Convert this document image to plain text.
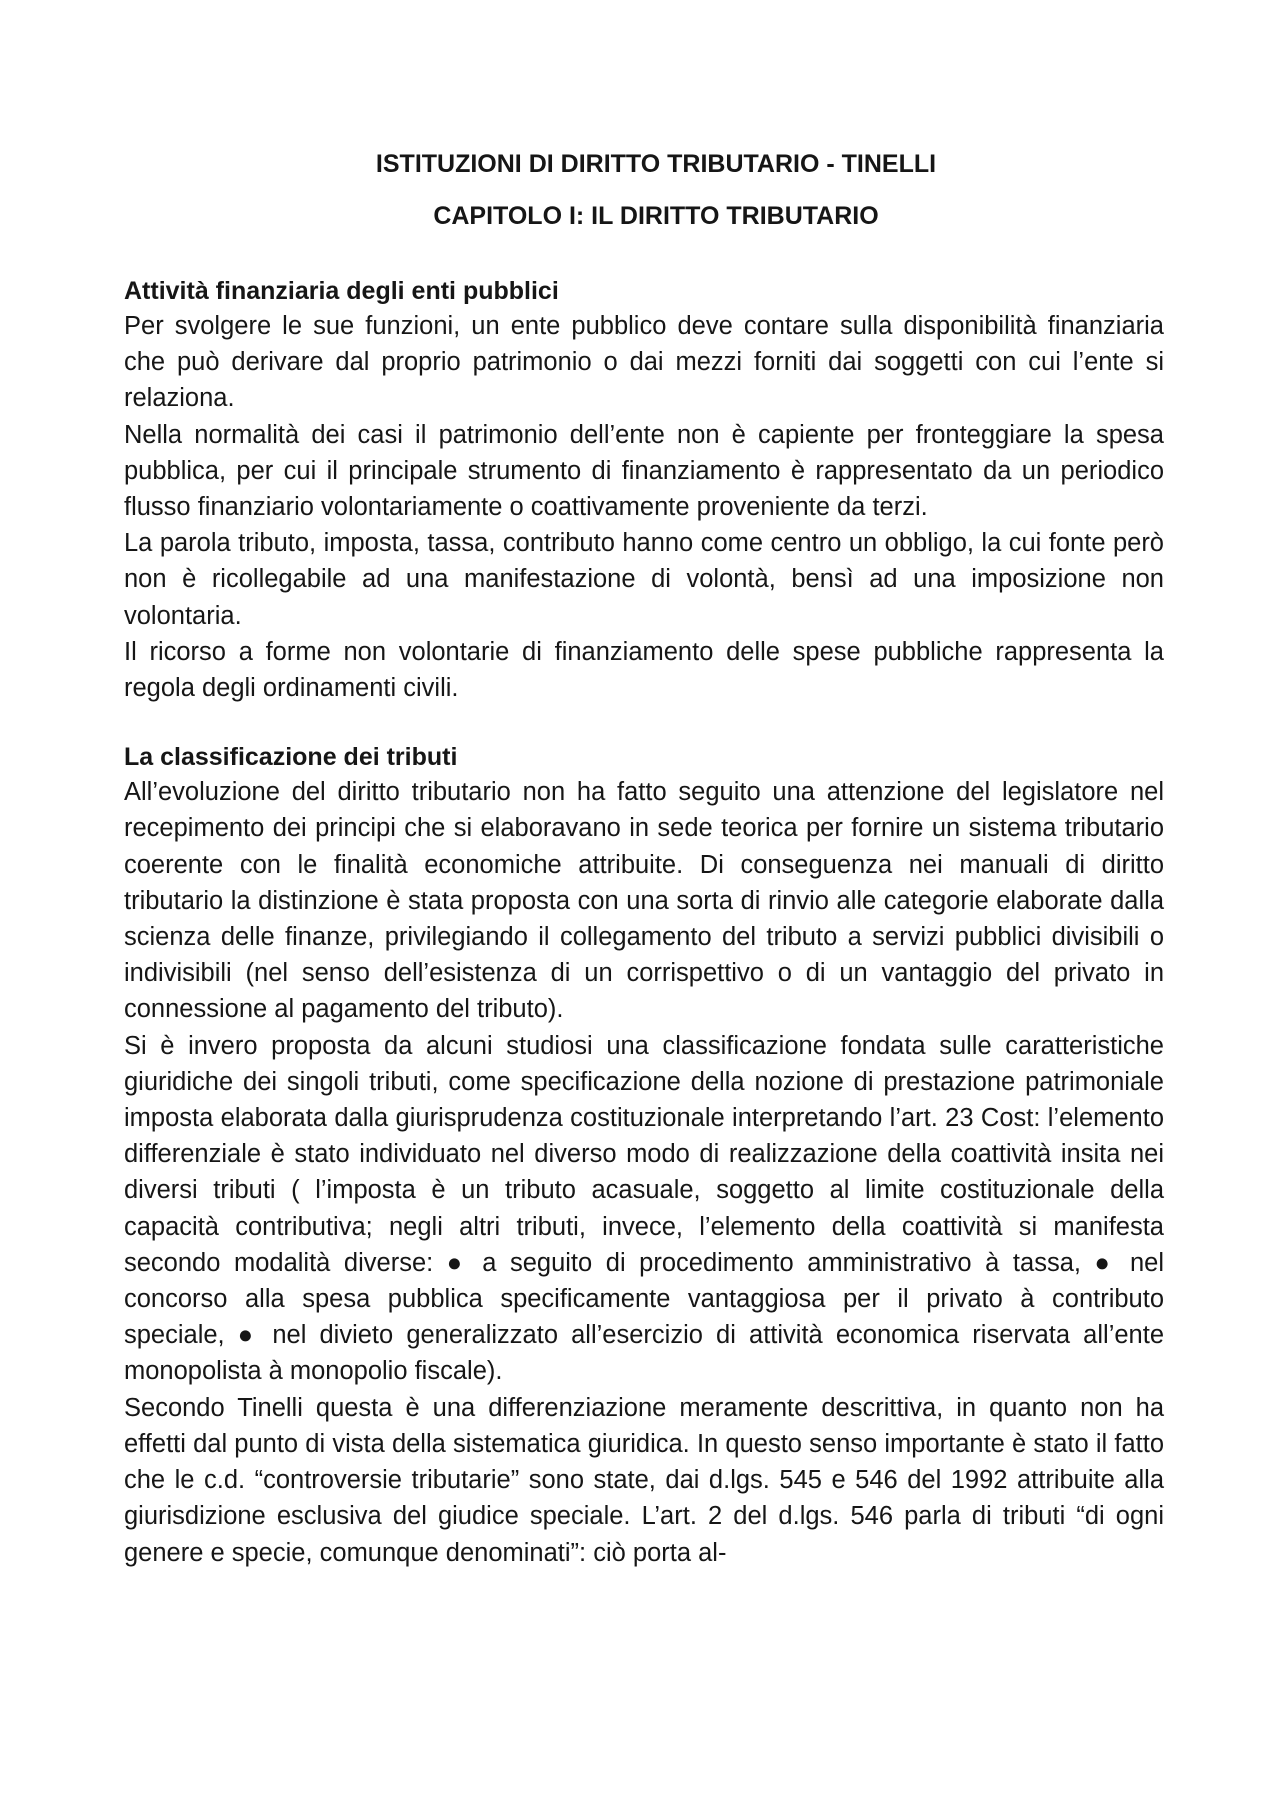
ISTITUZIONI DI DIRITTO TRIBUTARIO - TINELLI
CAPITOLO I: IL DIRITTO TRIBUTARIO
Attività finanziaria degli enti pubblici

Per svolgere le sue funzioni, un ente pubblico deve contare sulla disponibilità finanziaria che può derivare dal proprio patrimonio o dai mezzi forniti dai soggetti con cui l’ente si relaziona.

Nella normalità dei casi il patrimonio dell’ente non è capiente per fronteggiare la spesa pubblica, per cui il principale strumento di finanziamento è rappresentato da un periodico flusso finanziario volontariamente o coattivamente proveniente da terzi.

La parola tributo, imposta, tassa, contributo hanno come centro un obbligo, la cui fonte però non è ricollegabile ad una manifestazione di volontà, bensì ad una imposizione non volontaria.

Il ricorso a forme non volontarie di finanziamento delle spese pubbliche rappresenta la regola degli ordinamenti civili.

La classificazione dei tributi

All’evoluzione del diritto tributario non ha fatto seguito una attenzione del legislatore nel recepimento dei principi che si elaboravano in sede teorica per fornire un sistema tributario coerente con le finalità economiche attribuite. Di conseguenza nei manuali di diritto tributario la distinzione è stata proposta con una sorta di rinvio alle categorie elaborate dalla scienza delle finanze, privilegiando il collegamento del tributo a servizi pubblici divisibili o indivisibili (nel senso dell’esistenza di un corrispettivo o di un vantaggio del privato in connessione al pagamento del tributo).

Si è invero proposta da alcuni studiosi una classificazione fondata sulle caratteristiche giuridiche dei singoli tributi, come specificazione della nozione di prestazione patrimoniale imposta elaborata dalla giurisprudenza costituzionale interpretando l’art. 23 Cost: l’elemento differenziale è stato individuato nel diverso modo di realizzazione della coattività insita nei diversi tributi ( l’imposta è un tributo acasuale, soggetto al limite costituzionale della capacità contributiva; negli altri tributi, invece, l’elemento della coattività si manifesta secondo modalità diverse: ● a seguito di procedimento amministrativo à tassa, ● nel concorso alla spesa pubblica specificamente vantaggiosa per il privato à contributo speciale, ● nel divieto generalizzato all’esercizio di attività economica riservata all’ente monopolista à monopolio fiscale).

Secondo Tinelli questa è una differenziazione meramente descrittiva, in quanto non ha effetti dal punto di vista della sistematica giuridica. In questo senso importante è stato il fatto che le c.d. “controversie tributarie” sono state, dai d.lgs. 545 e 546 del 1992 attribuite alla giurisdizione esclusiva del giudice speciale. L’art. 2 del d.lgs. 546 parla di tributi “di ogni genere e specie, comunque denominati”: ciò porta al-
